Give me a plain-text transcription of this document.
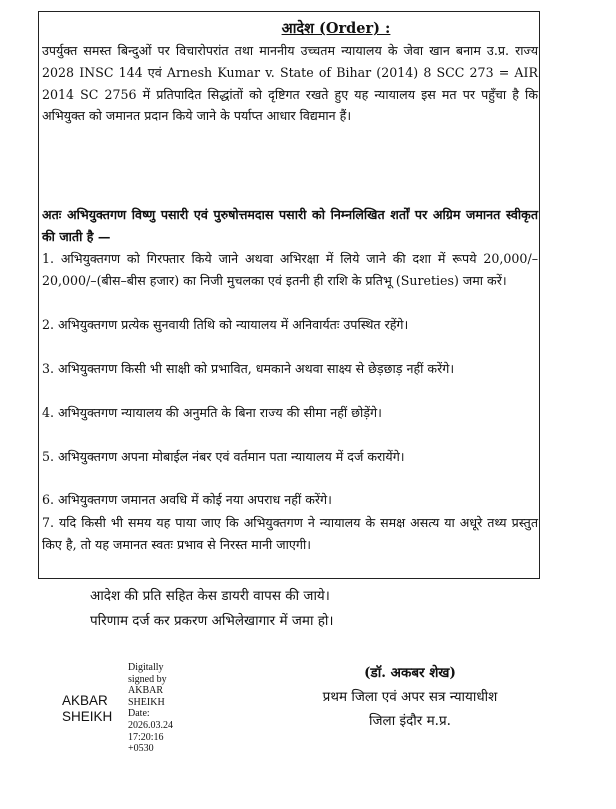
आदेश (Order) :

उपर्युक्त समस्त बिन्दुओं पर विचारोपरांत तथा माननीय उच्चतम न्यायालय के जेवा खान बनाम उ.प्र. राज्य 2028 INSC 144 एवं Arnesh Kumar v. State of Bihar (2014) 8 SCC 273 = AIR 2014 SC 2756 में प्रतिपादित सिद्धांतों को दृष्टिगत रखते हुए यह न्यायालय इस मत पर पहुँचा है कि अभियुक्त को जमानत प्रदान किये जाने के पर्याप्त आधार विद्यमान हैं।

अतः अभियुक्तगण विष्णु पसारी एवं पुरुषोत्तमदास पसारी को निम्नलिखित शर्तों पर अग्रिम जमानत स्वीकृत की जाती है —

1. अभियुक्तगण को गिरफ्तार किये जाने अथवा अभिरक्षा में लिये जाने की दशा में रूपये 20,000/–20,000/–(बीस–बीस हजार) का निजी मुचलका एवं इतनी ही राशि के प्रतिभू (Sureties) जमा करें।

2. अभियुक्तगण प्रत्येक सुनवायी तिथि को न्यायालय में अनिवार्यतः उपस्थित रहेंगे।

3. अभियुक्तगण किसी भी साक्षी को प्रभावित, धमकाने अथवा साक्ष्य से छेड़छाड़ नहीं करेंगे।

4. अभियुक्तगण न्यायालय की अनुमति के बिना राज्य की सीमा नहीं छोड़ेंगे।

5. अभियुक्तगण अपना मोबाईल नंबर एवं वर्तमान पता न्यायालय में दर्ज करायेंगे।

6. अभियुक्तगण जमानत अवधि में कोई नया अपराध नहीं करेंगे।

7. यदि किसी भी समय यह पाया जाए कि अभियुक्तगण ने न्यायालय के समक्ष असत्य या अधूरे तथ्य प्रस्तुत किए है, तो यह जमानत स्वतः प्रभाव से निरस्त मानी जाएगी।

आदेश की प्रति सहित केस डायरी वापस की जाये।
परिणाम दर्ज कर प्रकरण अभिलेखागार में जमा हो।
AKBAR
SHEIKH
Digitally
signed by
AKBAR
SHEIKH
Date:
2026.03.24
17:20:16
+0530
(डॉ. अकबर शेख)
प्रथम जिला एवं अपर सत्र न्यायाधीश
जिला इंदौर म.प्र.
